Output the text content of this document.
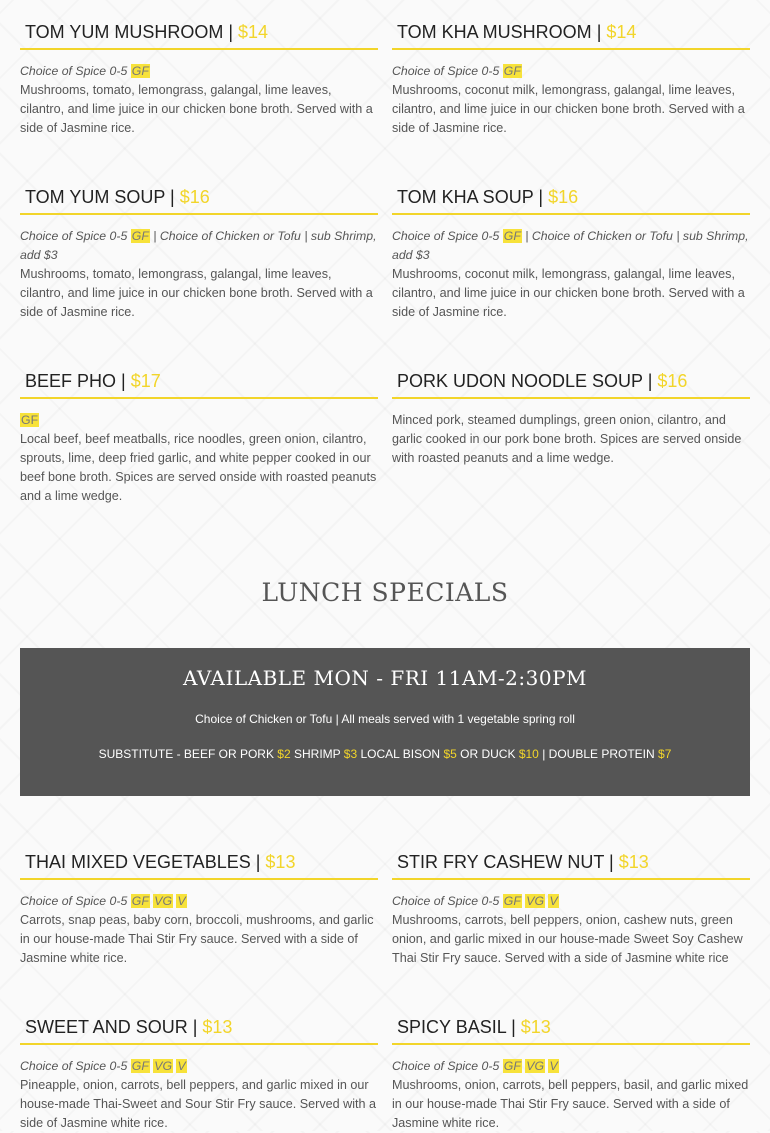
TOM YUM MUSHROOM | $14

Choice of Spice 0-5 GF

Mushrooms, tomato, lemongrass, galangal, lime leaves, cilantro, and lime juice in our chicken bone broth. Served with a side of Jasmine rice.

TOM KHA MUSHROOM | $14

Choice of Spice 0-5 GF

Mushrooms, coconut milk, lemongrass, galangal, lime leaves, cilantro, and lime juice in our chicken bone broth. Served with a side of Jasmine rice.

TOM YUM SOUP | $16

Choice of Spice 0-5 GF | Choice of Chicken or Tofu | sub Shrimp, add $3

Mushrooms, tomato, lemongrass, galangal, lime leaves, cilantro, and lime juice in our chicken bone broth. Served with a side of Jasmine rice.

TOM KHA SOUP | $16

Choice of Spice 0-5 GF | Choice of Chicken or Tofu | sub Shrimp, add $3

Mushrooms, coconut milk, lemongrass, galangal, lime leaves, cilantro, and lime juice in our chicken bone broth. Served with a side of Jasmine rice.

BEEF PHO | $17

GF

Local beef, beef meatballs, rice noodles, green onion, cilantro, sprouts, lime, deep fried garlic, and white pepper cooked in our beef bone broth. Spices are served onside with roasted peanuts and a lime wedge.

PORK UDON NOODLE SOUP | $16

Minced pork, steamed dumplings, green onion, cilantro, and garlic cooked in our pork bone broth. Spices are served onside with roasted peanuts and a lime wedge.

LUNCH SPECIALS
AVAILABLE MON - FRI 11AM-2:30PM
Choice of Chicken or Tofu | All meals served with 1 vegetable spring roll
SUBSTITUTE - BEEF OR PORK $2 SHRIMP $3 LOCAL BISON $5 OR DUCK $10 | DOUBLE PROTEIN $7
THAI MIXED VEGETABLES | $13

Choice of Spice 0-5 GF VG V

Carrots, snap peas, baby corn, broccoli, mushrooms, and garlic in our house-made Thai Stir Fry sauce. Served with a side of Jasmine white rice.

STIR FRY CASHEW NUT | $13

Choice of Spice 0-5 GF VG V

Mushrooms, carrots, bell peppers, onion, cashew nuts, green onion, and garlic mixed in our house-made Sweet Soy Cashew Thai Stir Fry sauce. Served with a side of Jasmine white rice

SWEET AND SOUR | $13

Choice of Spice 0-5 GF VG V

Pineapple, onion, carrots, bell peppers, and garlic mixed in our house-made Thai-Sweet and Sour Stir Fry sauce. Served with a side of Jasmine white rice.

SPICY BASIL | $13

Choice of Spice 0-5 GF VG V

Mushrooms, onion, carrots, bell peppers, basil, and garlic mixed in our house-made Thai Stir Fry sauce. Served with a side of Jasmine white rice.
